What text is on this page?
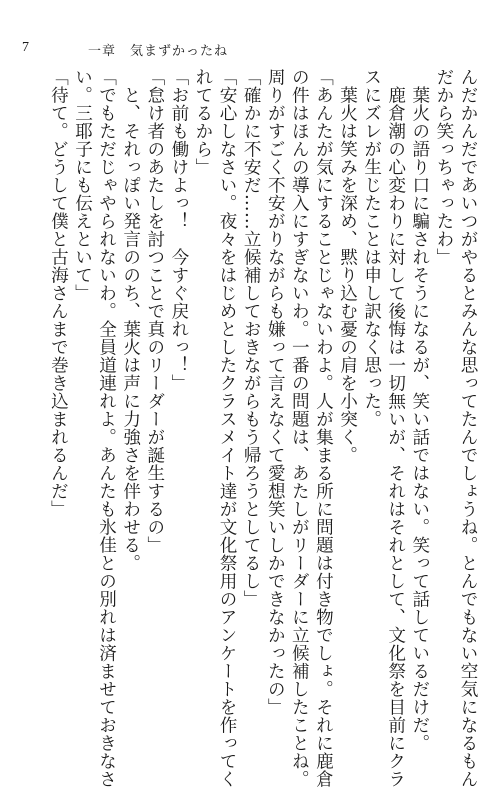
7	一章　気まずかったね
んだかんだであいつがやるとみんな思ってたんでしょうね。とんでもない空気になるもん
だから笑っちゃったわ」
　葉火の語り口に騙されそうになるが、笑い話ではない。笑って話しているだけだ。
　鹿倉潮の心変わりに対して後悔は一切無いが、それはそれとして、文化祭を目前にクラ
スにズレが生じたことは申し訳なく思った。
　葉火は笑みを深め、黙り込む憂の肩を小突く。
「あんたが気にすることじゃないわよ。人が集まる所に問題は付き物でしょ。それに鹿倉
の件はほんの導入にすぎないわ。一番の問題は、あたしがリーダーに立候補したことね。
周りがすごく不安がりながらも嫌って言えなくて愛想笑いしかできなかったの」
「確かに不安だ……立候補しておきながらもう帰ろうとしてるし」
「安心しなさい。夜々をはじめとしたクラスメイト達が文化祭用のアンケートを作ってく
れてるから」
「お前も働けよっ！　今すぐ戻れっ！」
「怠け者のあたしを討つことで真のリーダーが誕生するの」
　と、それっぽい発言ののち、葉火は声に力強さを伴わせる。
「でもただじゃやられないわ。全員道連れよ。あんたも氷佳との別れは済ませておきなさ
い。三耶子にも伝えといて」
「待て。どうして僕と古海さんまで巻き込まれるんだ」
